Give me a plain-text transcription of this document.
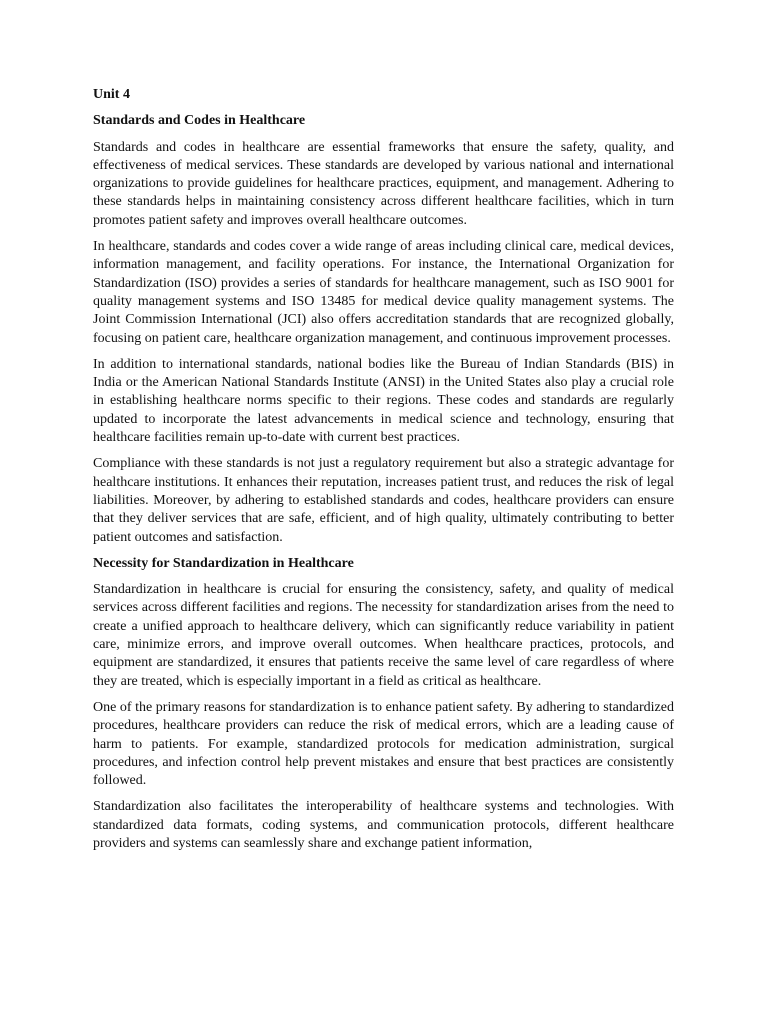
Unit 4

Standards and Codes in Healthcare

Standards and codes in healthcare are essential frameworks that ensure the safety, quality, and effectiveness of medical services. These standards are developed by various national and international organizations to provide guidelines for healthcare practices, equipment, and management. Adhering to these standards helps in maintaining consistency across different healthcare facilities, which in turn promotes patient safety and improves overall healthcare outcomes.

In healthcare, standards and codes cover a wide range of areas including clinical care, medical devices, information management, and facility operations. For instance, the International Organization for Standardization (ISO) provides a series of standards for healthcare management, such as ISO 9001 for quality management systems and ISO 13485 for medical device quality management systems. The Joint Commission International (JCI) also offers accreditation standards that are recognized globally, focusing on patient care, healthcare organization management, and continuous improvement processes.

In addition to international standards, national bodies like the Bureau of Indian Standards (BIS) in India or the American National Standards Institute (ANSI) in the United States also play a crucial role in establishing healthcare norms specific to their regions. These codes and standards are regularly updated to incorporate the latest advancements in medical science and technology, ensuring that healthcare facilities remain up-to-date with current best practices.

Compliance with these standards is not just a regulatory requirement but also a strategic advantage for healthcare institutions. It enhances their reputation, increases patient trust, and reduces the risk of legal liabilities. Moreover, by adhering to established standards and codes, healthcare providers can ensure that they deliver services that are safe, efficient, and of high quality, ultimately contributing to better patient outcomes and satisfaction.

Necessity for Standardization in Healthcare

Standardization in healthcare is crucial for ensuring the consistency, safety, and quality of medical services across different facilities and regions. The necessity for standardization arises from the need to create a unified approach to healthcare delivery, which can significantly reduce variability in patient care, minimize errors, and improve overall outcomes. When healthcare practices, protocols, and equipment are standardized, it ensures that patients receive the same level of care regardless of where they are treated, which is especially important in a field as critical as healthcare.

One of the primary reasons for standardization is to enhance patient safety. By adhering to standardized procedures, healthcare providers can reduce the risk of medical errors, which are a leading cause of harm to patients. For example, standardized protocols for medication administration, surgical procedures, and infection control help prevent mistakes and ensure that best practices are consistently followed.

Standardization also facilitates the interoperability of healthcare systems and technologies. With standardized data formats, coding systems, and communication protocols, different healthcare providers and systems can seamlessly share and exchange patient information,
